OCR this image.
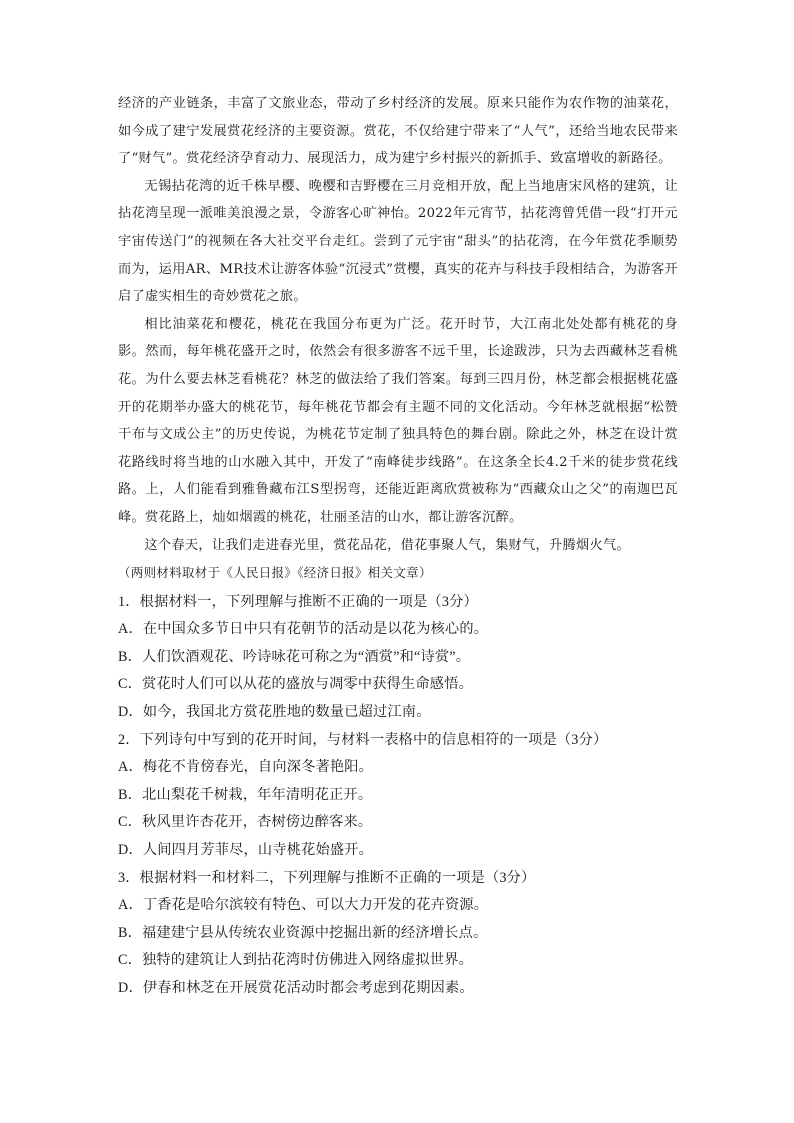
经济的产业链条，丰富了文旅业态，带动了乡村经济的发展。原来只能作为农作物的油菜花，如今成了建宁发展赏花经济的主要资源。赏花，不仅给建宁带来了“人气”，还给当地农民带来了“财气”。赏花经济孕育动力、展现活力，成为建宁乡村振兴的新抓手、致富增收的新路径。

无锡拈花湾的近千株早樱、晚樱和吉野樱在三月竞相开放，配上当地唐宋风格的建筑，让拈花湾呈现一派唯美浪漫之景，令游客心旷神怡。2022年元宵节，拈花湾曾凭借一段“打开元宇宙传送门”的视频在各大社交平台走红。尝到了元宇宙“甜头”的拈花湾，在今年赏花季顺势而为，运用AR、MR技术让游客体验“沉浸式”赏樱，真实的花卉与科技手段相结合，为游客开启了虚实相生的奇妙赏花之旅。

相比油菜花和樱花，桃花在我国分布更为广泛。花开时节，大江南北处处都有桃花的身影。然而，每年桃花盛开之时，依然会有很多游客不远千里，长途跋涉，只为去西藏林芝看桃花。为什么要去林芝看桃花？林芝的做法给了我们答案。每到三四月份，林芝都会根据桃花盛开的花期举办盛大的桃花节，每年桃花节都会有主题不同的文化活动。今年林芝就根据“松赞干布与文成公主”的历史传说，为桃花节定制了独具特色的舞台剧。除此之外，林芝在设计赏花路线时将当地的山水融入其中，开发了“南峰徒步线路”。在这条全长4.2千米的徒步赏花线路。上，人们能看到雅鲁藏布江S型拐弯，还能近距离欣赏被称为“西藏众山之父”的南迦巴瓦峰。赏花路上，灿如烟霞的桃花，壮丽圣洁的山水，都让游客沉醉。

这个春天，让我们走进春光里，赏花品花，借花事聚人气，集财气，升腾烟火气。

（两则材料取材于《人民日报》《经济日报》相关文章）

1．根据材料一，下列理解与推断不正确的一项是（3分）
A．在中国众多节日中只有花朝节的活动是以花为核心的。
B．人们饮酒观花、吟诗咏花可称之为“酒赏”和“诗赏”。
C．赏花时人们可以从花的盛放与凋零中获得生命感悟。
D．如今，我国北方赏花胜地的数量已超过江南。
2．下列诗句中写到的花开时间，与材料一表格中的信息相符的一项是（3分）
A．梅花不肯傍春光，自向深冬著艳阳。
B．北山梨花千树栽，年年清明花正开。
C．秋风里许杏花开，杏树傍边醉客来。
D．人间四月芳菲尽，山寺桃花始盛开。
3．根据材料一和材料二，下列理解与推断不正确的一项是（3分）
A．丁香花是哈尔滨较有特色、可以大力开发的花卉资源。
B．福建建宁县从传统农业资源中挖掘出新的经济增长点。
C．独特的建筑让人到拈花湾时仿佛进入网络虚拟世界。
D．伊春和林芝在开展赏花活动时都会考虑到花期因素。
